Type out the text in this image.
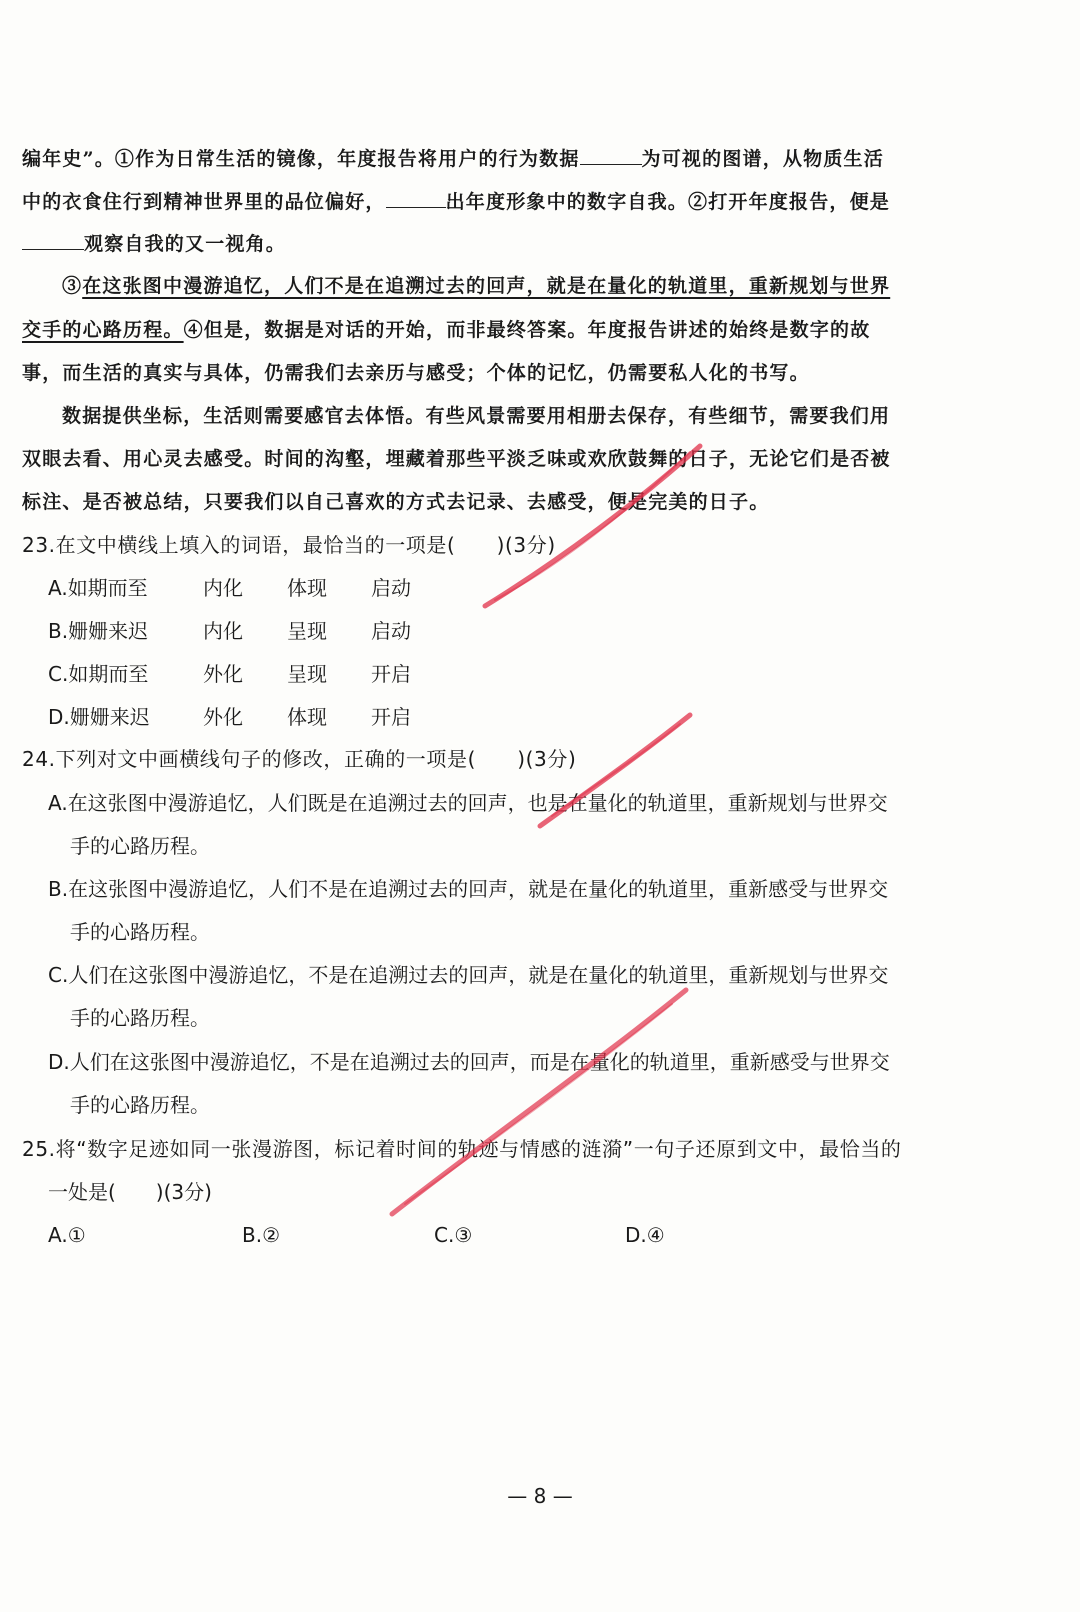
编年史”。①作为日常生活的镜像，年度报告将用户的行为数据	为可视的图谱，从物质生活
中的衣食住行到精神世界里的品位偏好，	出年度形象中的数字自我。②打开年度报告，便是
观察自我的又一视角。
③在这张图中漫游追忆，人们不是在追溯过去的回声，就是在量化的轨道里，重新规划与世界
交手的心路历程。④但是，数据是对话的开始，而非最终答案。年度报告讲述的始终是数字的故
事，而生活的真实与具体，仍需我们去亲历与感受；个体的记忆，仍需要私人化的书写。
数据提供坐标，生活则需要感官去体悟。有些风景需要用相册去保存，有些细节，需要我们用
双眼去看、用心灵去感受。时间的沟壑，埋藏着那些平淡乏味或欢欣鼓舞的日子，无论它们是否被
标注、是否被总结，只要我们以自己喜欢的方式去记录、去感受，便是完美的日子。
23.在文中横线上填入的词语，最恰当的一项是(　　)(3分)
A.如期而至	内化 体现 启动
B.姗姗来迟	内化 呈现 启动
C.如期而至	外化 呈现 开启
D.姗姗来迟	外化 体现 开启
24.下列对文中画横线句子的修改，正确的一项是(　　)(3分)
A.在这张图中漫游追忆，人们既是在追溯过去的回声，也是在量化的轨道里，重新规划与世界交
手的心路历程。
B.在这张图中漫游追忆，人们不是在追溯过去的回声，就是在量化的轨道里，重新感受与世界交
手的心路历程。
C.人们在这张图中漫游追忆，不是在追溯过去的回声，就是在量化的轨道里，重新规划与世界交
手的心路历程。
D.人们在这张图中漫游追忆，不是在追溯过去的回声，而是在量化的轨道里，重新感受与世界交
手的心路历程。
25.将“数字足迹如同一张漫游图，标记着时间的轨迹与情感的涟漪”一句子还原到文中，最恰当的
一处是(　　)(3分)
A.①	B.②	C.③	D.④
— 8 —
